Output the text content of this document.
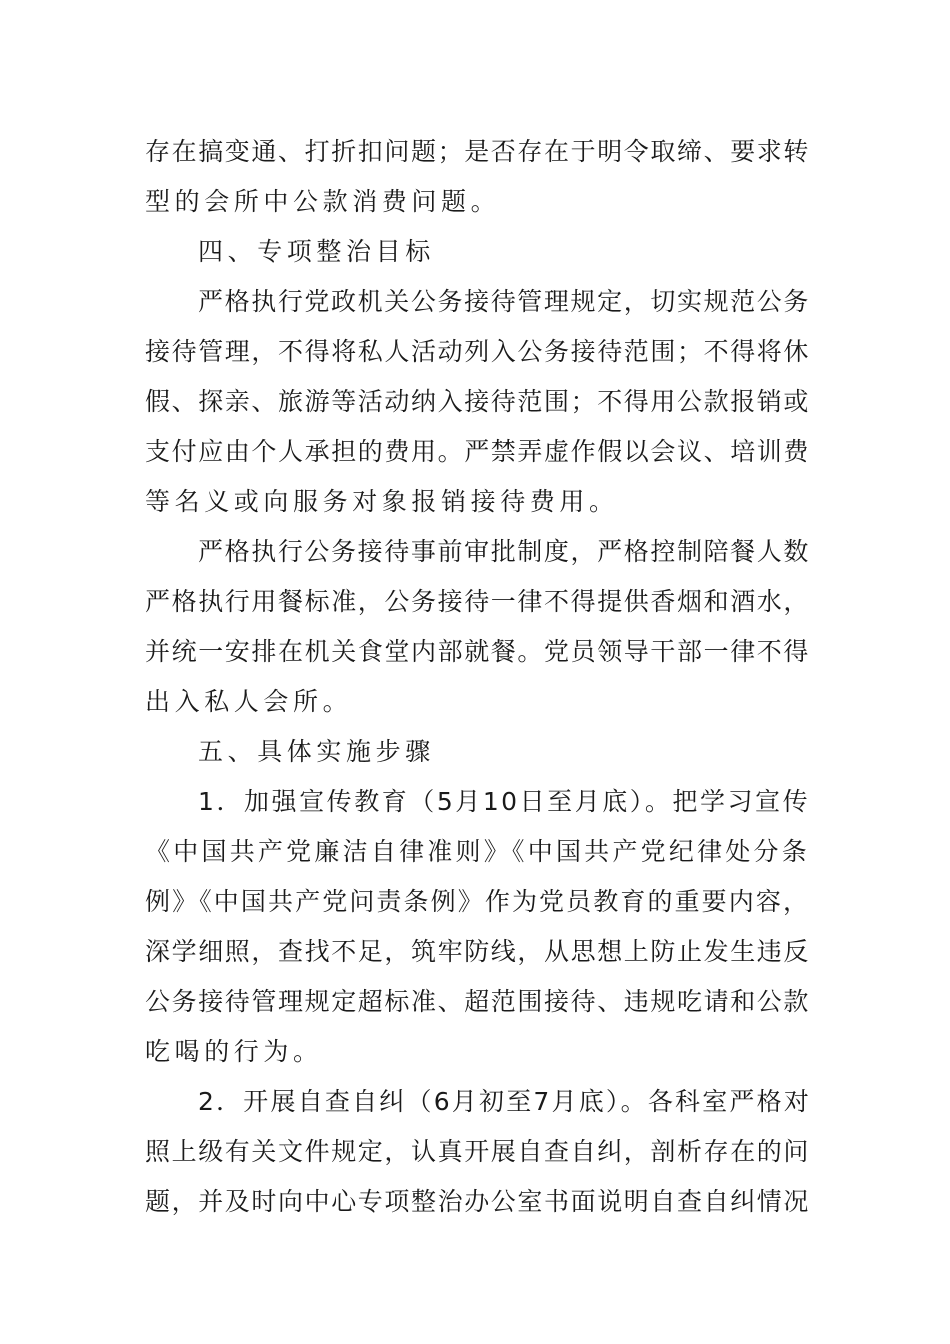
存在搞变通、打折扣问题；是否存在于明令取缔、要求转
型的会所中公款消费问题。
四、专项整治目标
严格执行党政机关公务接待管理规定，切实规范公务
接待管理，不得将私人活动列入公务接待范围；不得将休
假、探亲、旅游等活动纳入接待范围；不得用公款报销或
支付应由个人承担的费用。严禁弄虚作假以会议、培训费
等名义或向服务对象报销接待费用。
严格执行公务接待事前审批制度，严格控制陪餐人数
严格执行用餐标准，公务接待一律不得提供香烟和酒水，
并统一安排在机关食堂内部就餐。党员领导干部一律不得
出入私人会所。
五、具体实施步骤
1．加强宣传教育（5月10日至月底）。把学习宣传
《中国共产党廉洁自律准则》《中国共产党纪律处分条
例》《中国共产党问责条例》作为党员教育的重要内容，
深学细照，查找不足，筑牢防线，从思想上防止发生违反
公务接待管理规定超标准、超范围接待、违规吃请和公款
吃喝的行为。
2．开展自查自纠（6月初至7月底）。各科室严格对
照上级有关文件规定，认真开展自查自纠，剖析存在的问
题，并及时向中心专项整治办公室书面说明自查自纠情况
